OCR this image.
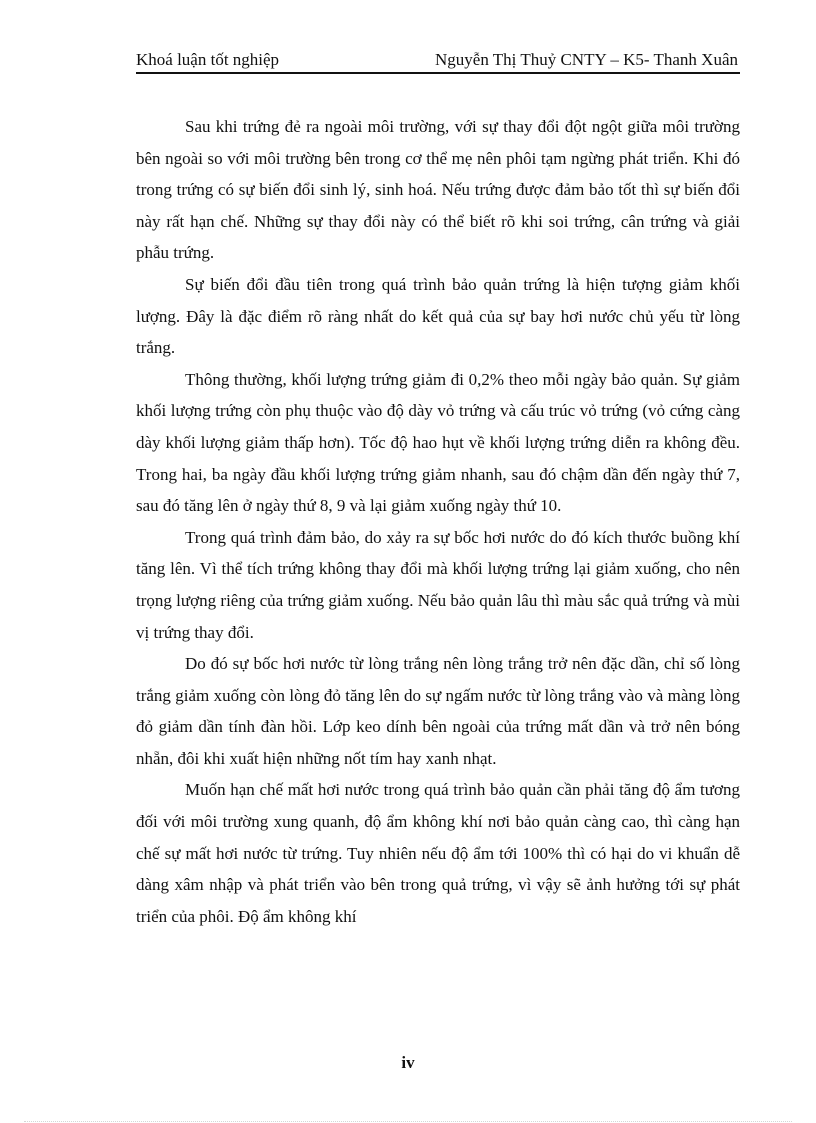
Khoá luận tốt nghiệp	Nguyễn Thị Thuỷ CNTY – K5- Thanh Xuân

Sau khi trứng đẻ ra ngoài môi trường, với sự thay đổi đột ngột giữa môi trường bên ngoài so với môi trường bên trong cơ thể mẹ nên phôi tạm ngừng phát triển. Khi đó trong trứng có sự biến đổi sinh lý, sinh hoá. Nếu trứng được đảm bảo tốt thì sự biến đổi này rất hạn chế. Những sự thay đổi này có thể biết rõ khi soi trứng, cân trứng và giải phẫu trứng.

Sự biến đổi đầu tiên trong quá trình bảo quản trứng là hiện tượng giảm khối lượng. Đây là đặc điểm rõ ràng nhất do kết quả của sự bay hơi nước chủ yếu từ lòng trắng.

Thông thường, khối lượng trứng giảm đi 0,2% theo mỗi ngày bảo quản. Sự giảm khối lượng trứng còn phụ thuộc vào độ dày vỏ trứng và cấu trúc vỏ trứng (vỏ cứng càng dày khối lượng giảm thấp hơn). Tốc độ hao hụt về khối lượng trứng diễn ra không đều. Trong hai, ba ngày đầu khối lượng trứng giảm nhanh, sau đó chậm dần đến ngày thứ 7, sau đó tăng lên ở ngày thứ 8, 9 và lại giảm xuống ngày thứ 10.

Trong quá trình đảm bảo, do xảy ra sự bốc hơi nước do đó kích thước buồng khí tăng lên. Vì thể tích trứng không thay đổi mà khối lượng trứng lại giảm xuống, cho nên trọng lượng riêng của trứng giảm xuống. Nếu bảo quản lâu thì màu sắc quả trứng và mùi vị trứng thay đổi.

Do đó sự bốc hơi nước từ lòng trắng nên lòng trắng trở nên đặc dần, chỉ số lòng trắng giảm xuống còn lòng đỏ tăng lên do sự ngấm nước từ lòng trắng vào và màng lòng đỏ giảm dần tính đàn hồi. Lớp keo dính bên ngoài của trứng mất dần và trở nên bóng nhẵn, đôi khi xuất hiện những nốt tím hay xanh nhạt.

Muốn hạn chế mất hơi nước trong quá trình bảo quản cần phải tăng độ ẩm tương đối với môi trường xung quanh, độ ẩm không khí nơi bảo quản càng cao, thì càng hạn chế sự mất hơi nước từ trứng. Tuy nhiên nếu độ ẩm tới 100% thì có hại do vi khuẩn dễ dàng xâm nhập và phát triển vào bên trong quả trứng, vì vậy sẽ ảnh hưởng tới sự phát triển của phôi. Độ ẩm không khí

iv
